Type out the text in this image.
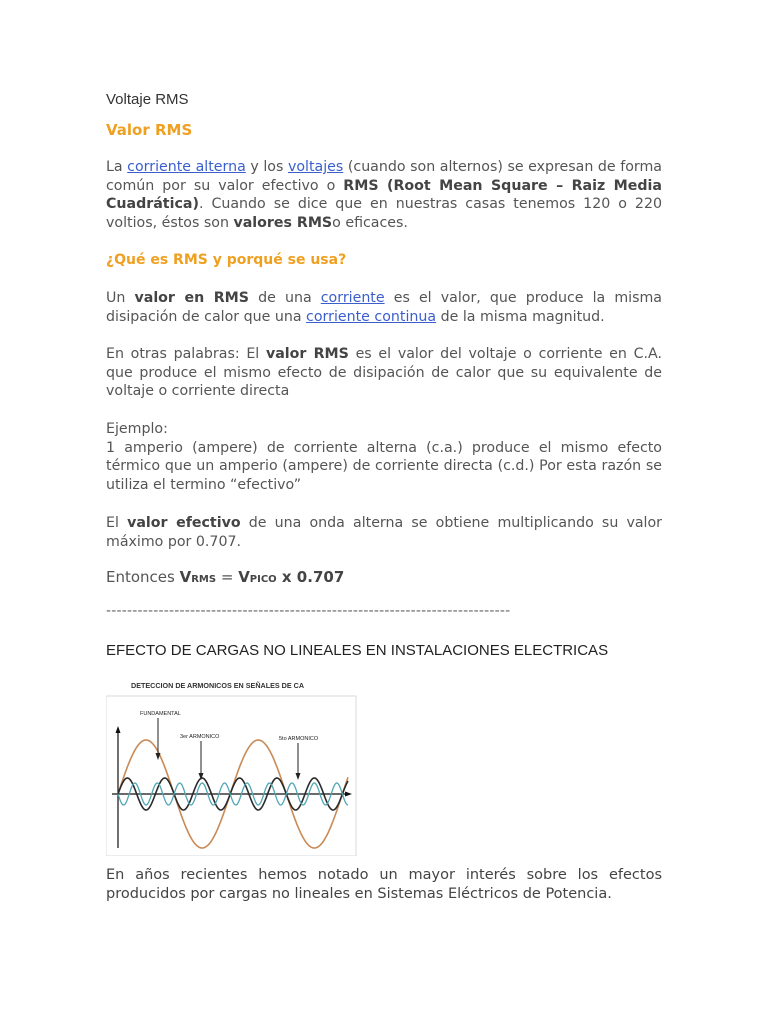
Voltaje RMS
Valor RMS
La corriente alterna y los voltajes (cuando son alternos) se expresan de forma común por su valor efectivo o RMS (Root Mean Square – Raiz Media Cuadrática). Cuando se dice que en nuestras casas tenemos 120 o 220 voltios, éstos son valores RMSo eficaces.
¿Qué es RMS y porqué se usa?
Un valor en RMS de una corriente es el valor, que produce la misma disipación de calor que una corriente continua de la misma magnitud.
En otras palabras: El valor RMS es el valor del voltaje o corriente en C.A. que produce el mismo efecto de disipación de calor que su equivalente de voltaje o corriente directa
Ejemplo:
1 amperio (ampere) de corriente alterna (c.a.) produce el mismo efecto térmico que un amperio (ampere) de corriente directa (c.d.) Por esta razón se utiliza el termino “efectivo”
El valor efectivo de una onda alterna se obtiene multiplicando su valor máximo por 0.707.
Entonces VRMS = VPICO x 0.707
-----------------------------------------------------------------------------
EFECTO DE CARGAS NO LINEALES EN INSTALACIONES ELECTRICAS
DETECCION DE ARMONICOS EN SEÑALES DE CA
FUNDAMENTAL
3er ARMONICO	5to ARMONICO
En años recientes hemos notado un mayor interés sobre los efectos producidos por cargas no lineales en Sistemas Eléctricos de Potencia.
